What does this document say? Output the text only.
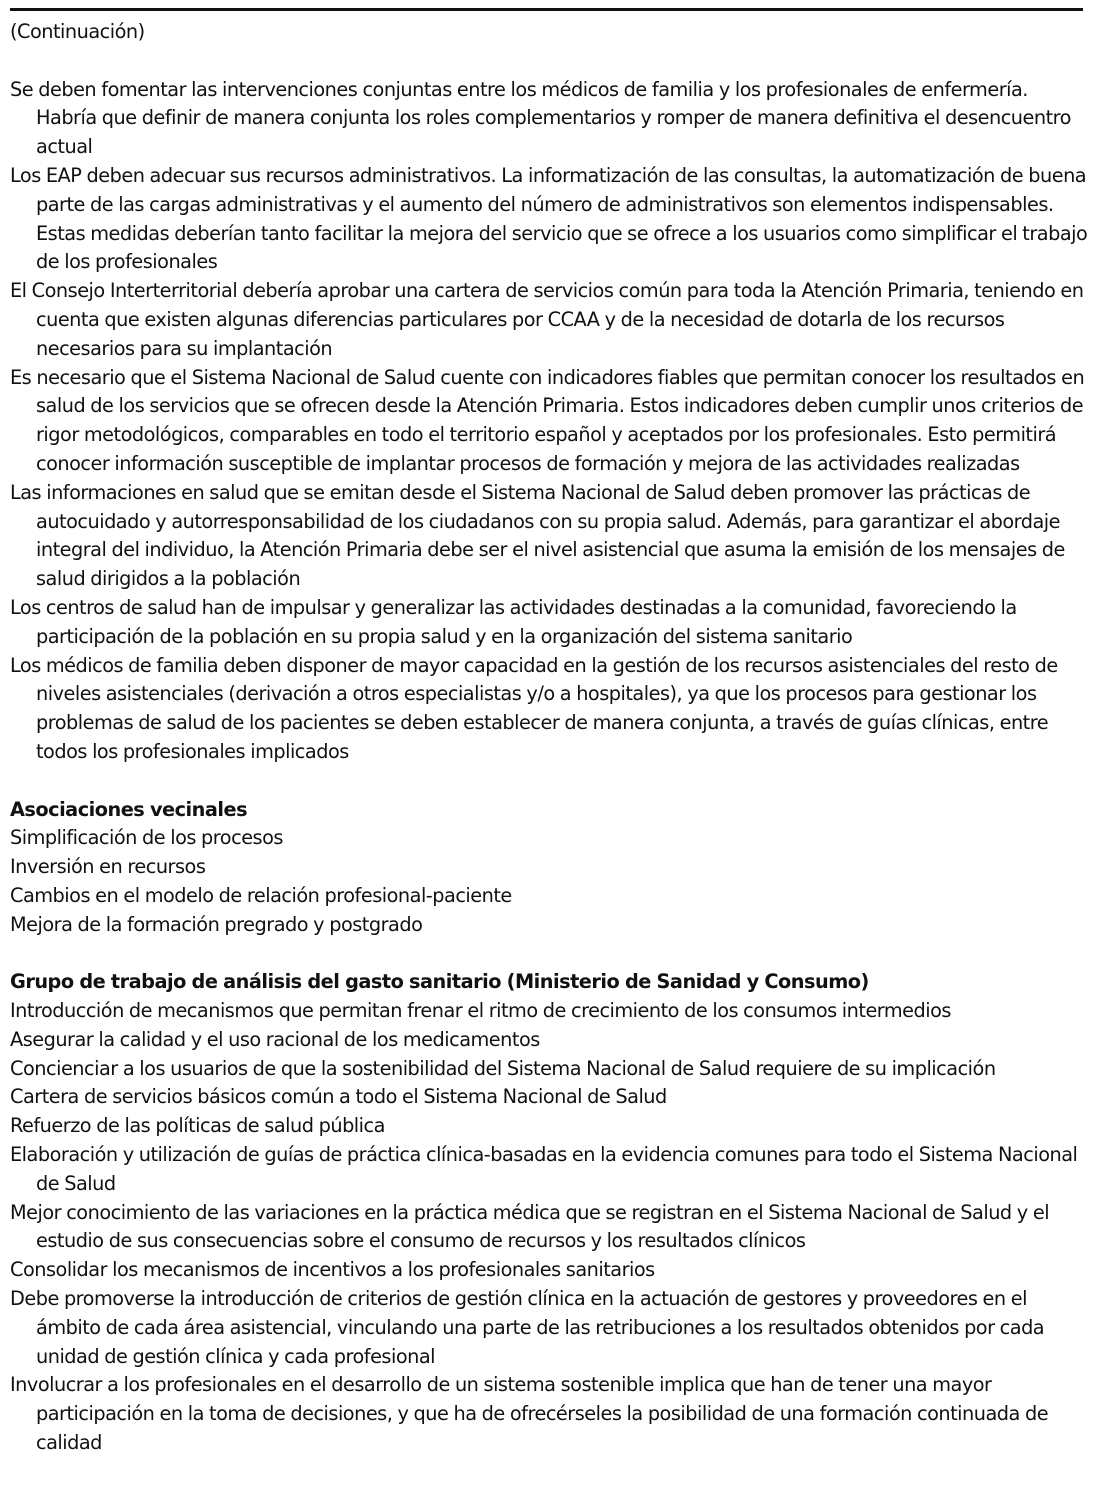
(Continuación)

Se deben fomentar las intervenciones conjuntas entre los médicos de familia y los profesionales de enfermería. Habría que definir de manera conjunta los roles complementarios y romper de manera definitiva el desencuentro actual

Los EAP deben adecuar sus recursos administrativos. La informatización de las consultas, la automatización de buena parte de las cargas administrativas y el aumento del número de administrativos son elementos indispensables. Estas medidas deberían tanto facilitar la mejora del servicio que se ofrece a los usuarios como simplificar el trabajo de los profesionales

El Consejo Interterritorial debería aprobar una cartera de servicios común para toda la Atención Primaria, teniendo en cuenta que existen algunas diferencias particulares por CCAA y de la necesidad de dotarla de los recursos necesarios para su implantación

Es necesario que el Sistema Nacional de Salud cuente con indicadores fiables que permitan conocer los resultados en salud de los servicios que se ofrecen desde la Atención Primaria. Estos indicadores deben cumplir unos criterios de rigor metodológicos, comparables en todo el territorio español y aceptados por los profesionales. Esto permitirá conocer información susceptible de implantar procesos de formación y mejora de las actividades realizadas

Las informaciones en salud que se emitan desde el Sistema Nacional de Salud deben promover las prácticas de autocuidado y autorresponsabilidad de los ciudadanos con su propia salud. Además, para garantizar el abordaje integral del individuo, la Atención Primaria debe ser el nivel asistencial que asuma la emisión de los mensajes de salud dirigidos a la población

Los centros de salud han de impulsar y generalizar las actividades destinadas a la comunidad, favoreciendo la participación de la población en su propia salud y en la organización del sistema sanitario

Los médicos de familia deben disponer de mayor capacidad en la gestión de los recursos asistenciales del resto de niveles asistenciales (derivación a otros especialistas y/o a hospitales), ya que los procesos para gestionar los problemas de salud de los pacientes se deben establecer de manera conjunta, a través de guías clínicas, entre todos los profesionales implicados

Asociaciones vecinales

Simplificación de los procesos

Inversión en recursos

Cambios en el modelo de relación profesional-paciente

Mejora de la formación pregrado y postgrado

Grupo de trabajo de análisis del gasto sanitario (Ministerio de Sanidad y Consumo)

Introducción de mecanismos que permitan frenar el ritmo de crecimiento de los consumos intermedios

Asegurar la calidad y el uso racional de los medicamentos

Concienciar a los usuarios de que la sostenibilidad del Sistema Nacional de Salud requiere de su implicación

Cartera de servicios básicos común a todo el Sistema Nacional de Salud

Refuerzo de las políticas de salud pública

Elaboración y utilización de guías de práctica clínica-basadas en la evidencia comunes para todo el Sistema Nacional de Salud

Mejor conocimiento de las variaciones en la práctica médica que se registran en el Sistema Nacional de Salud y el estudio de sus consecuencias sobre el consumo de recursos y los resultados clínicos

Consolidar los mecanismos de incentivos a los profesionales sanitarios

Debe promoverse la introducción de criterios de gestión clínica en la actuación de gestores y proveedores en el ámbito de cada área asistencial, vinculando una parte de las retribuciones a los resultados obtenidos por cada unidad de gestión clínica y cada profesional

Involucrar a los profesionales en el desarrollo de un sistema sostenible implica que han de tener una mayor participación en la toma de decisiones, y que ha de ofrecérseles la posibilidad de una formación continuada de calidad
